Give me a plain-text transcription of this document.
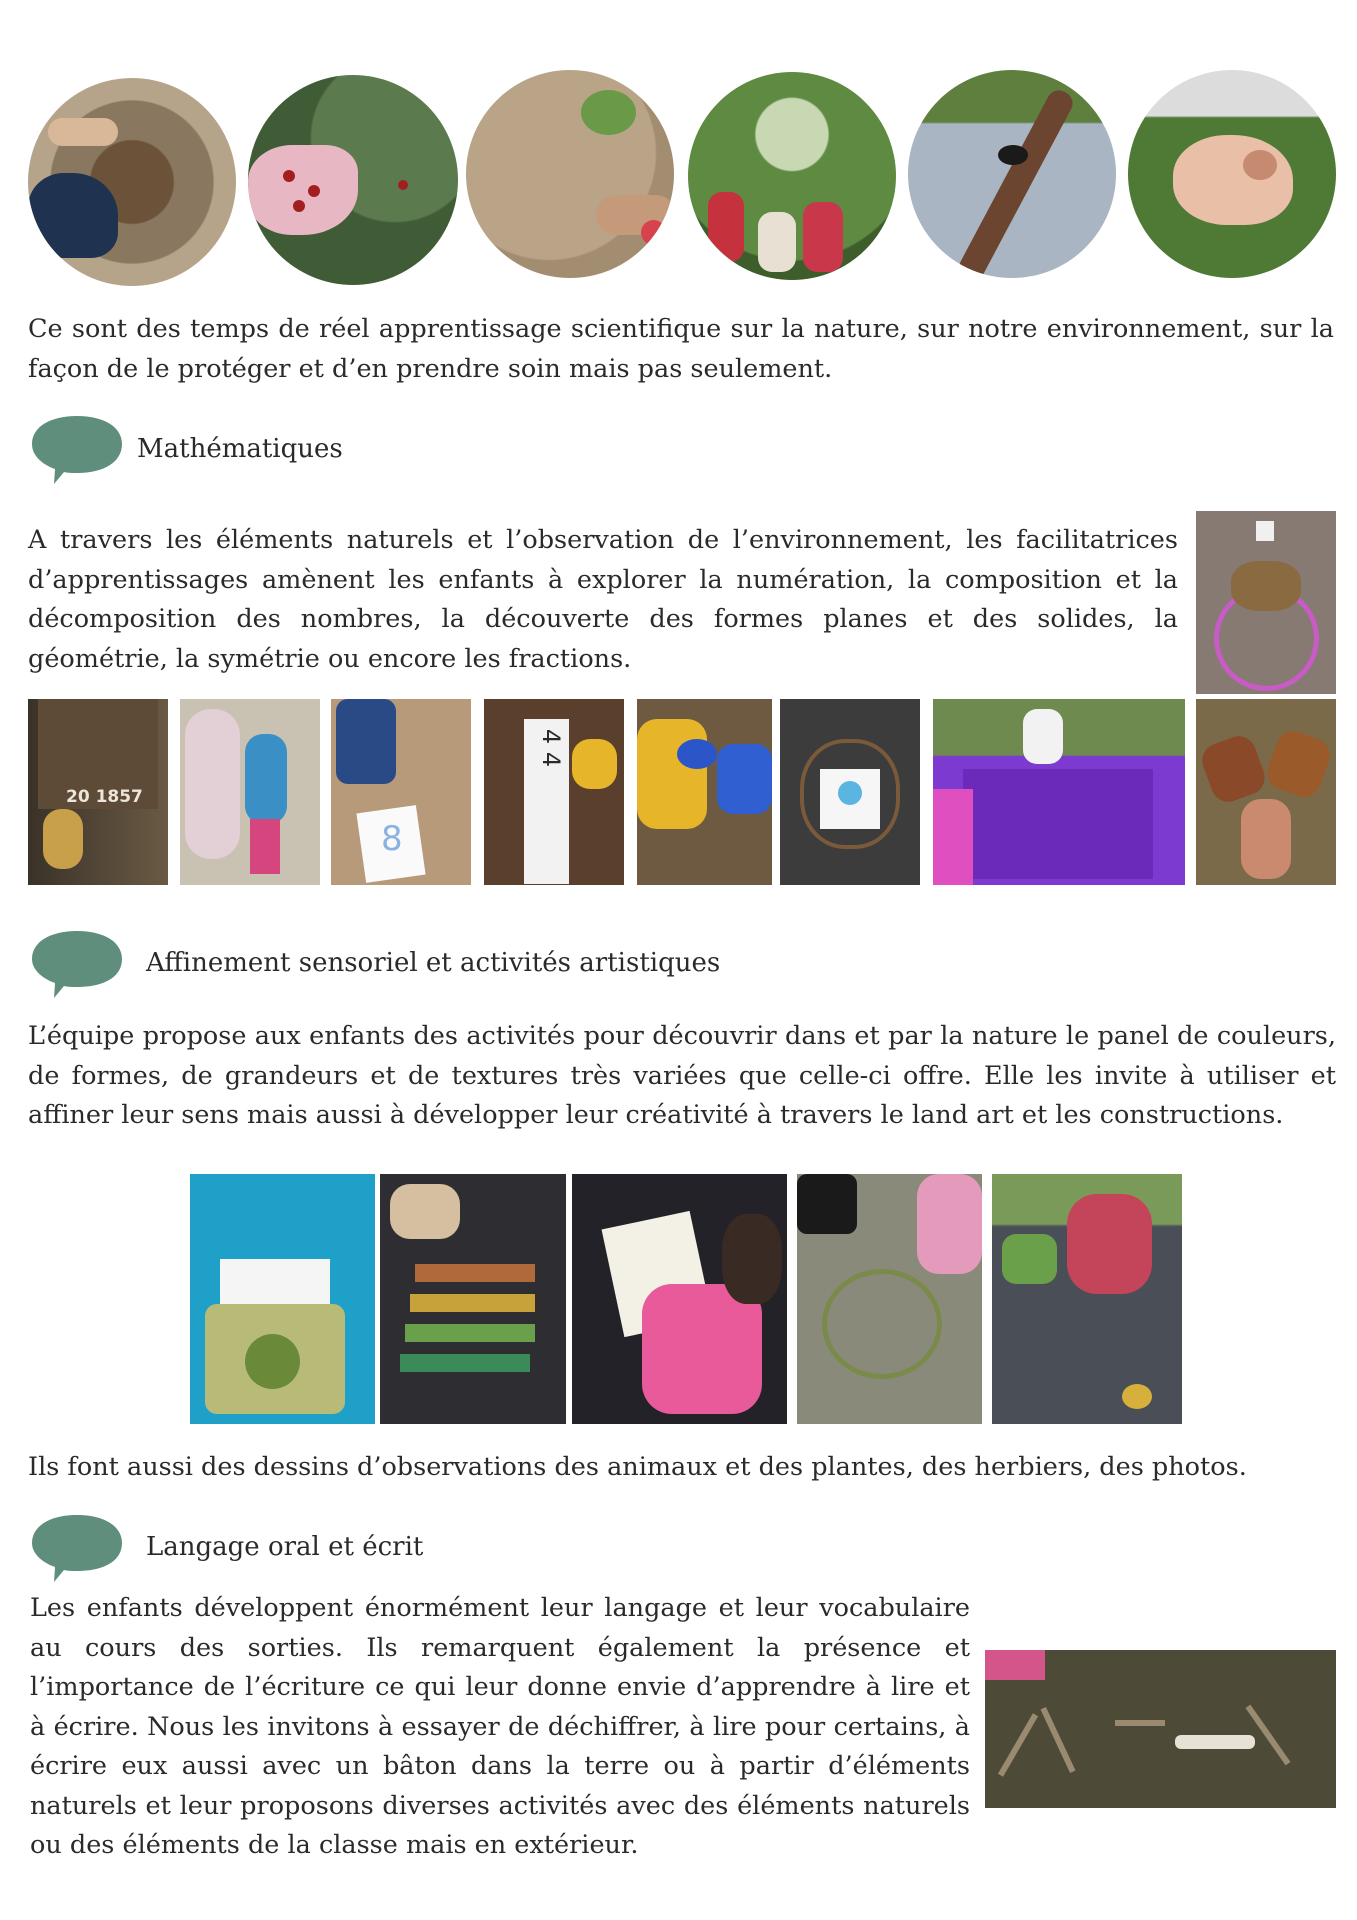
Ce sont des temps de réel apprentissage scientifique sur la nature, sur notre environnement, sur la façon de le protéger et d’en prendre soin mais pas seulement.

Mathématiques

A travers les éléments naturels et l’observation de l’environnement, les facilitatrices d’apprentissages amènent les enfants à explorer la numération, la composition et la décomposition des nombres, la découverte des formes planes et des solides, la géométrie, la symétrie ou encore les fractions.

20 1857
8
4 4
Affinement sensoriel et activités artistiques

L’équipe propose aux enfants des activités pour découvrir dans et par la nature le panel de couleurs, de formes, de grandeurs et de textures très variées que celle-ci offre. Elle les invite à utiliser et affiner leur sens mais aussi à développer leur créativité à travers le land art et les constructions.

Ils font aussi des dessins d’observations des animaux et des plantes, des herbiers, des photos.

Langage oral et écrit

Les enfants développent énormément leur langage et leur vocabulaire au cours des sorties. Ils remarquent également la présence et l’importance de l’écriture ce qui leur donne envie d’apprendre à lire et à écrire. Nous les invitons à essayer de déchiffrer, à lire pour certains, à écrire eux aussi avec un bâton dans la terre ou à partir d’éléments naturels et leur proposons diverses activités avec des éléments naturels ou des éléments de la classe mais en extérieur.
